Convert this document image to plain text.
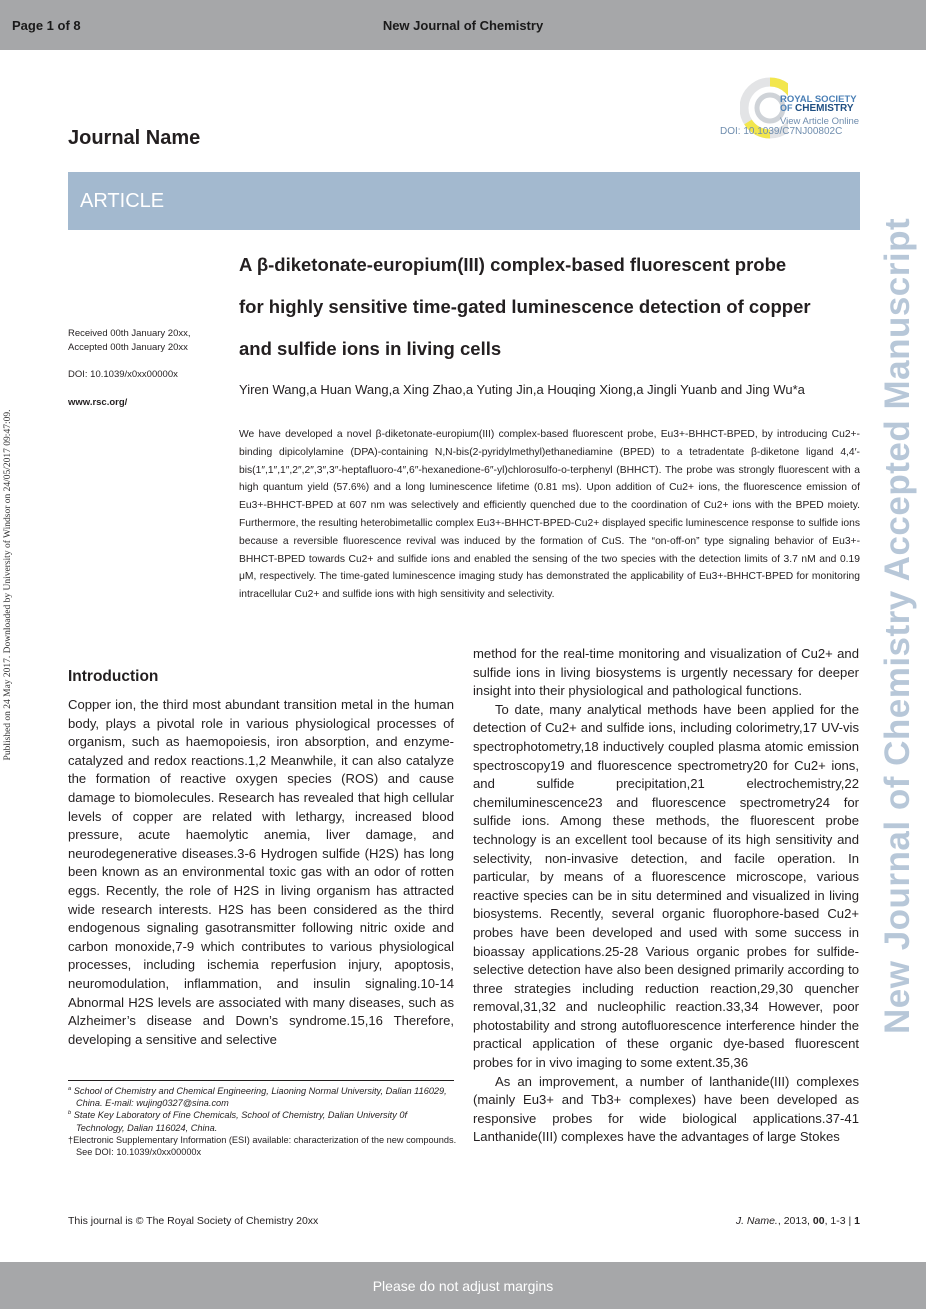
Page 1 of 8	New Journal of Chemistry
Published on 24 May 2017. Downloaded by University of Windsor on 24/05/2017 09:47:09.	New Journal of Chemistry Accepted Manuscript
ROYAL SOCIETY
OF CHEMISTRY
View Article Online
DOI: 10.1039/C7NJ00802C
Journal Name
ARTICLE
Received 00th January 20xx,
Accepted 00th January 20xx
DOI: 10.1039/x0xx00000x
www.rsc.org/
A β-diketonate-europium(III) complex-based fluorescent probe
for highly sensitive time-gated luminescence detection of copper
and sulfide ions in living cells
Yiren Wang,a Huan Wang,a Xing Zhao,a Yuting Jin,a Houqing Xiong,a Jingli Yuanb and Jing Wu*a

We have developed a novel β-diketonate-europium(III) complex-based fluorescent probe, Eu3+-BHHCT-BPED, by introducing Cu2+-binding dipicolylamine (DPA)-containing N,N-bis(2-pyridylmethyl)ethanediamine (BPED) to a tetradentate β-diketone ligand 4,4′-bis(1″,1″,1″,2″,2″,3″,3″-heptafluoro-4″,6″-hexanedione-6″-yl)chlorosulfo-o-terphenyl (BHHCT). The probe was strongly fluorescent with a high quantum yield (57.6%) and a long luminescence lifetime (0.81 ms). Upon addition of Cu2+ ions, the fluorescence emission of Eu3+-BHHCT-BPED at 607 nm was selectively and efficiently quenched due to the coordination of Cu2+ ions with the BPED moiety. Furthermore, the resulting heterobimetallic complex Eu3+-BHHCT-BPED-Cu2+ displayed specific luminescence response to sulfide ions because a reversible fluorescence revival was induced by the formation of CuS. The “on-off-on” type signaling behavior of Eu3+-BHHCT-BPED towards Cu2+ and sulfide ions and enabled the sensing of the two species with the detection limits of 3.7 nM and 0.19 μM, respectively. The time-gated luminescence imaging study has demonstrated the applicability of Eu3+-BHHCT-BPED for monitoring intracellular Cu2+ and sulfide ions with high sensitivity and selectivity.

Introduction

Copper ion, the third most abundant transition metal in the human body, plays a pivotal role in various physiological processes of organism, such as haemopoiesis, iron absorption, and enzyme-catalyzed and redox reactions.1,2 Meanwhile, it can also catalyze the formation of reactive oxygen species (ROS) and cause damage to biomolecules. Research has revealed that high cellular levels of copper are related with lethargy, increased blood pressure, acute haemolytic anemia, liver damage, and neurodegenerative diseases.3-6 Hydrogen sulfide (H2S) has long been known as an environmental toxic gas with an odor of rotten eggs. Recently, the role of H2S in living organism has attracted wide research interests. H2S has been considered as the third endogenous signaling gasotransmitter following nitric oxide and carbon monoxide,7-9 which contributes to various physiological processes, including ischemia reperfusion injury, apoptosis, neuromodulation, inflammation, and insulin signaling.10-14 Abnormal H2S levels are associated with many diseases, such as Alzheimer’s disease and Down’s syndrome.15,16 Therefore, developing a sensitive and selective

method for the real-time monitoring and visualization of Cu2+ and sulfide ions in living biosystems is urgently necessary for deeper insight into their physiological and pathological functions.

To date, many analytical methods have been applied for the detection of Cu2+ and sulfide ions, including colorimetry,17 UV-vis spectrophotometry,18 inductively coupled plasma atomic emission spectroscopy19 and fluorescence spectrometry20 for Cu2+ ions, and sulfide precipitation,21 electrochemistry,22 chemiluminescence23 and fluorescence spectrometry24 for sulfide ions. Among these methods, the fluorescent probe technology is an excellent tool because of its high sensitivity and selectivity, non-invasive detection, and facile operation. In particular, by means of a fluorescence microscope, various reactive species can be in situ determined and visualized in living biosystems. Recently, several organic fluorophore-based Cu2+ probes have been developed and used with some success in bioassay applications.25-28 Various organic probes for sulfide-selective detection have also been designed primarily according to three strategies including reduction reaction,29,30 quencher removal,31,32 and nucleophilic reaction.33,34 However, poor photostability and strong autofluorescence interference hinder the practical application of these organic dye-based fluorescent probes for in vivo imaging to some extent.35,36

As an improvement, a number of lanthanide(III) complexes (mainly Eu3+ and Tb3+ complexes) have been developed as responsive probes for wide biological applications.37-41 Lanthanide(III) complexes have the advantages of large Stokes

$^a$ School of Chemistry and Chemical Engineering, Liaoning Normal University, Dalian 116029, China. E-mail: wujing0327@sina.com

$^b$ State Key Laboratory of Fine Chemicals, School of Chemistry, Dalian University 0f Technology, Dalian 116024, China.

†Electronic Supplementary Information (ESI) available: characterization of the new compounds. See DOI: 10.1039/x0xx00000x

This journal is © The Royal Society of Chemistry 20xx	J. Name., 2013, 00, 1-3 | 1
Please do not adjust margins
